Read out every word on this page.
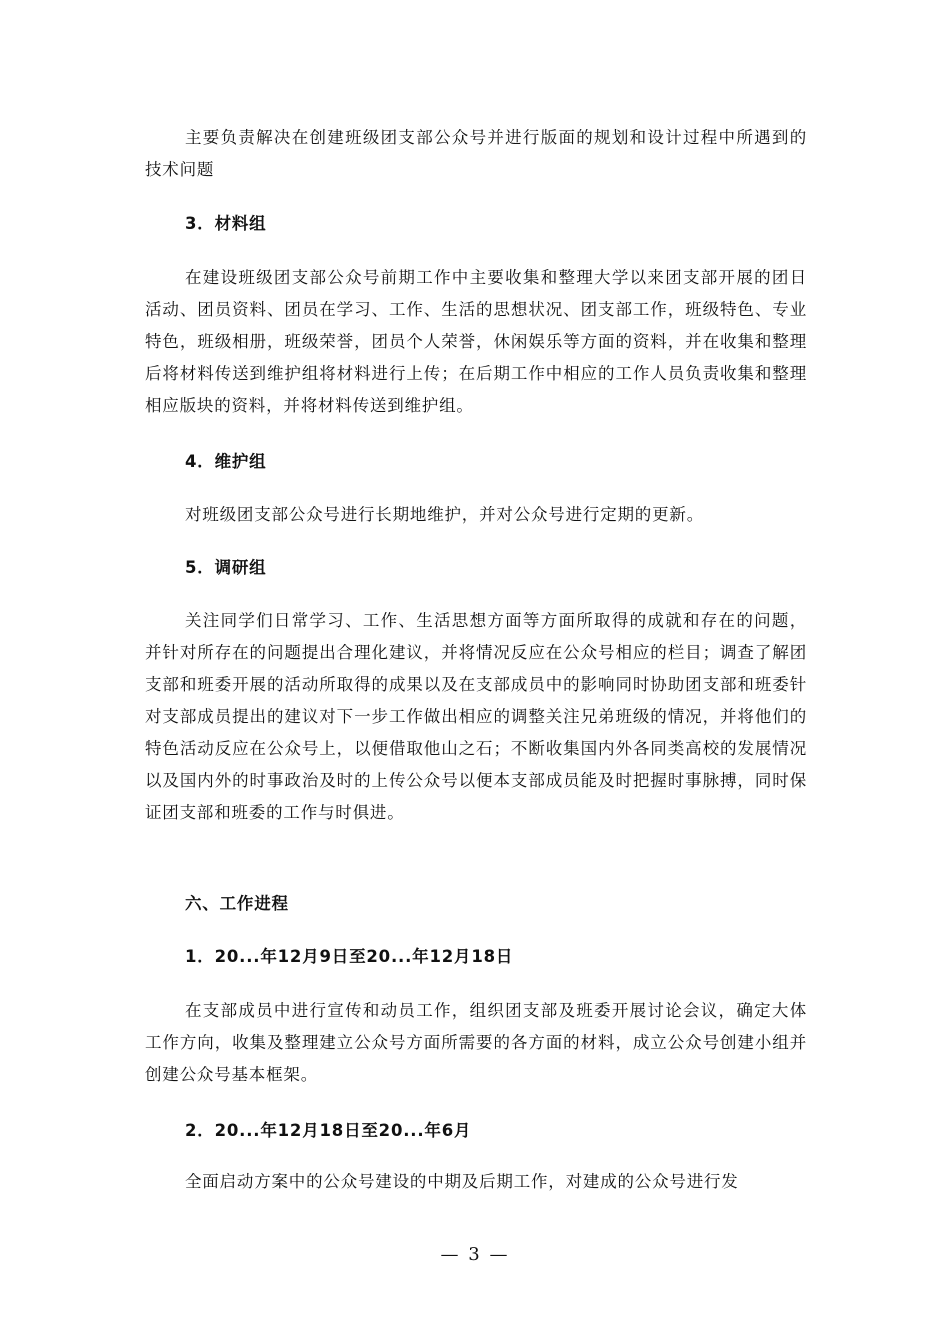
主要负责解决在创建班级团支部公众号并进行版面的规划和设计过程中所遇到的技术问题

3．材料组

在建设班级团支部公众号前期工作中主要收集和整理大学以来团支部开展的团日活动、团员资料、团员在学习、工作、生活的思想状况、团支部工作，班级特色、专业特色，班级相册，班级荣誉，团员个人荣誉，休闲娱乐等方面的资料，并在收集和整理后将材料传送到维护组将材料进行上传；在后期工作中相应的工作人员负责收集和整理相应版块的资料，并将材料传送到维护组。

4．维护组

对班级团支部公众号进行长期地维护，并对公众号进行定期的更新。

5．调研组

关注同学们日常学习、工作、生活思想方面等方面所取得的成就和存在的问题，并针对所存在的问题提出合理化建议，并将情况反应在公众号相应的栏目；调查了解团支部和班委开展的活动所取得的成果以及在支部成员中的影响同时协助团支部和班委针对支部成员提出的建议对下一步工作做出相应的调整关注兄弟班级的情况，并将他们的特色活动反应在公众号上，以便借取他山之石；不断收集国内外各同类高校的发展情况以及国内外的时事政治及时的上传公众号以便本支部成员能及时把握时事脉搏，同时保证团支部和班委的工作与时俱进。

六、工作进程

1．20...年12月9日至20...年12月18日

在支部成员中进行宣传和动员工作，组织团支部及班委开展讨论会议，确定大体工作方向，收集及整理建立公众号方面所需要的各方面的材料，成立公众号创建小组并创建公众号基本框架。

2．20...年12月18日至20...年6月

全面启动方案中的公众号建设的中期及后期工作，对建成的公众号进行发

— 3 —
